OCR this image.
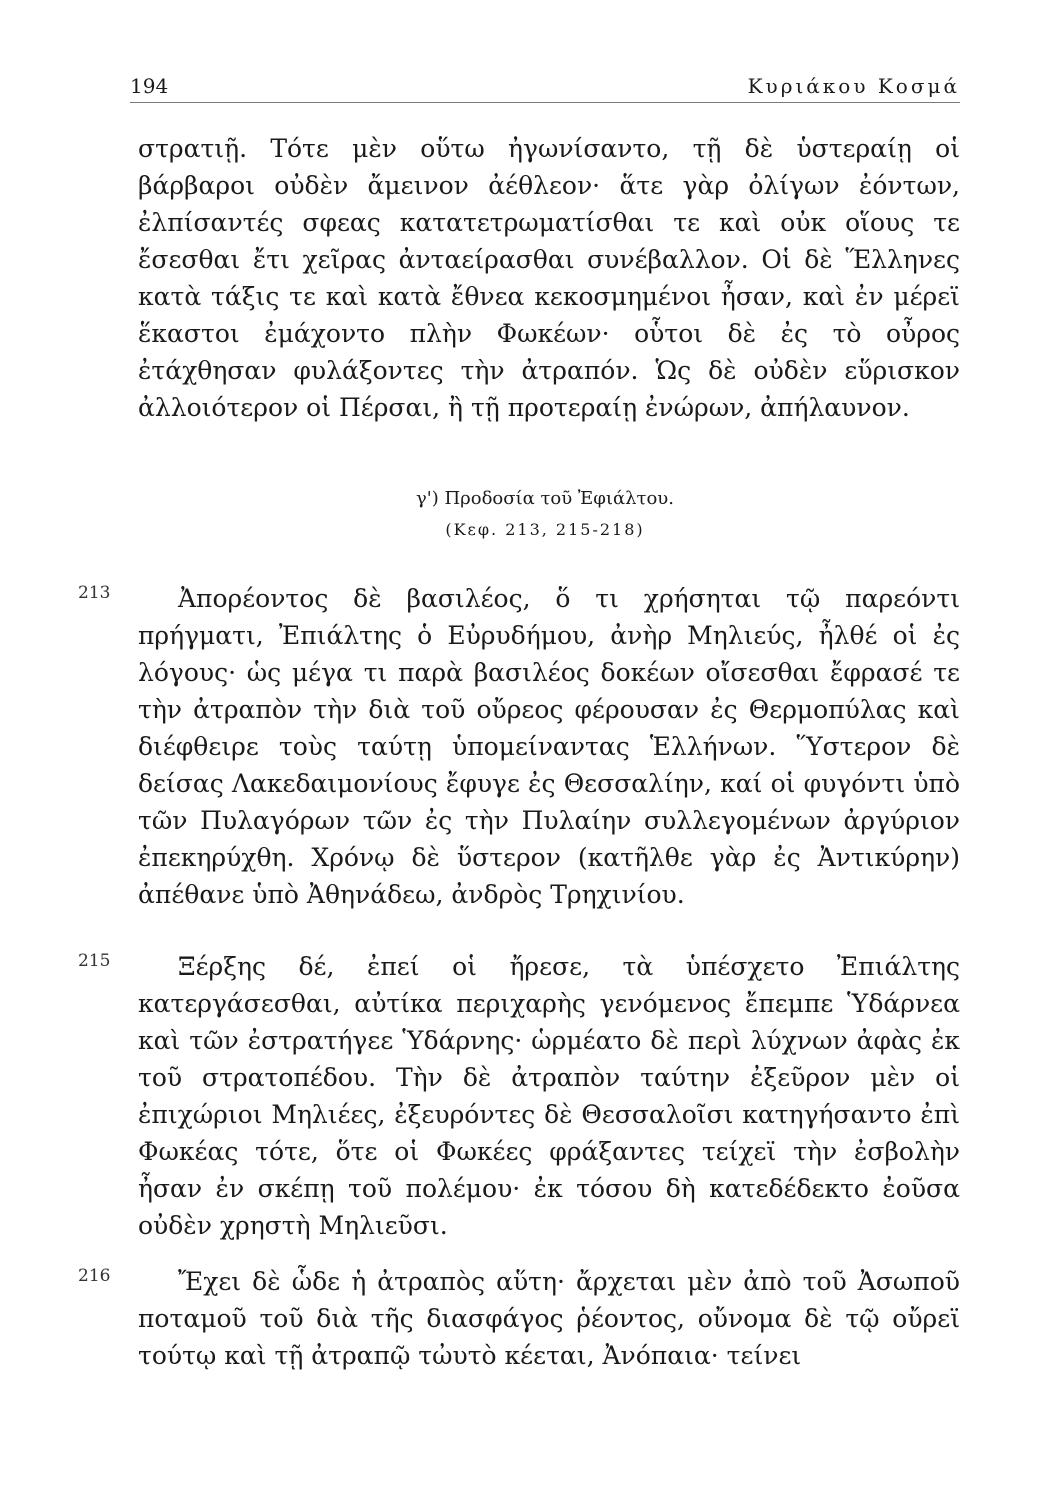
194	Κυριάκου Κοσμά
στρατιῇ. Τότε μὲν οὕτω ἠγωνίσαντο, τῇ δὲ ὑστεραίῃ οἱ βάρβαροι οὐδὲν ἄμεινον ἀέθλεον· ἅτε γὰρ ὀλίγων ἐόντων, ἐλπίσαντές σφεας κατατετρωματίσθαι τε καὶ οὐκ οἵους τε ἔσεσθαι ἔτι χεῖρας ἀνταείρασθαι συνέβαλλον. Οἱ δὲ Ἕλληνες κατὰ τάξις τε καὶ κατὰ ἔθνεα κεκοσμημένοι ἦσαν, καὶ ἐν μέρεϊ ἕκαστοι ἐμάχοντο πλὴν Φωκέων· οὗτοι δὲ ἐς τὸ οὖρος ἐτάχθησαν φυλάξοντες τὴν ἀτραπόν. Ὡς δὲ οὐδὲν εὕρισκον ἀλλοιότερον οἱ Πέρσαι, ἢ τῇ προτεραίῃ ἐνώρων, ἀπήλαυνον.
γ') Προδοσία τοῦ Ἐφιάλτου.
(Κεφ. 213, 215-218)
213	Ἀπορέοντος δὲ βασιλέος, ὅ τι χρήσηται τῷ παρεόντι πρήγματι, Ἐπιάλτης ὁ Εὐρυδήμου, ἀνὴρ Μηλιεύς, ἦλθέ οἱ ἐς λόγους· ὡς μέγα τι παρὰ βασιλέος δοκέων οἴσεσθαι ἔφρασέ τε τὴν ἀτραπὸν τὴν διὰ τοῦ οὔρεος φέρουσαν ἐς Θερμοπύλας καὶ διέφθειρε τοὺς ταύτῃ ὑπομείναντας Ἑλλήνων. Ὕστερον δὲ δείσας Λακεδαιμονίους ἔφυγε ἐς Θεσσαλίην, καί οἱ φυγόντι ὑπὸ τῶν Πυλαγόρων τῶν ἐς τὴν Πυλαίην συλλεγομένων ἀργύριον ἐπεκηρύχθη. Χρόνῳ δὲ ὕστερον (κατῆλθε γὰρ ἐς Ἀντικύρην) ἀπέθανε ὑπὸ Ἀθηνάδεω, ἀνδρὸς Τρηχινίου.
215	Ξέρξης δέ, ἐπεί οἱ ἤρεσε, τὰ ὑπέσχετο Ἐπιάλτης κατεργάσεσθαι, αὐτίκα περιχαρὴς γενόμενος ἔπεμπε Ὑδάρνεα καὶ τῶν ἐστρατήγεε Ὑδάρνης· ὡρμέατο δὲ περὶ λύχνων ἀφὰς ἐκ τοῦ στρατοπέδου. Τὴν δὲ ἀτραπὸν ταύτην ἐξεῦρον μὲν οἱ ἐπιχώριοι Μηλιέες, ἐξευρόντες δὲ Θεσσαλοῖσι κατηγήσαντο ἐπὶ Φωκέας τότε, ὅτε οἱ Φωκέες φράξαντες τείχεϊ τὴν ἐσβολὴν ἦσαν ἐν σκέπῃ τοῦ πολέμου· ἐκ τόσου δὴ κατεδέδεκτο ἐοῦσα οὐδὲν χρηστὴ Μηλιεῦσι.
216	Ἔχει δὲ ὧδε ἡ ἀτραπὸς αὕτη· ἄρχεται μὲν ἀπὸ τοῦ Ἀσωποῦ ποταμοῦ τοῦ διὰ τῆς διασφάγος ῥέοντος, οὔνομα δὲ τῷ οὔρεϊ τούτῳ καὶ τῇ ἀτραπῷ τὠυτὸ κέεται, Ἀνόπαια· τείνει
